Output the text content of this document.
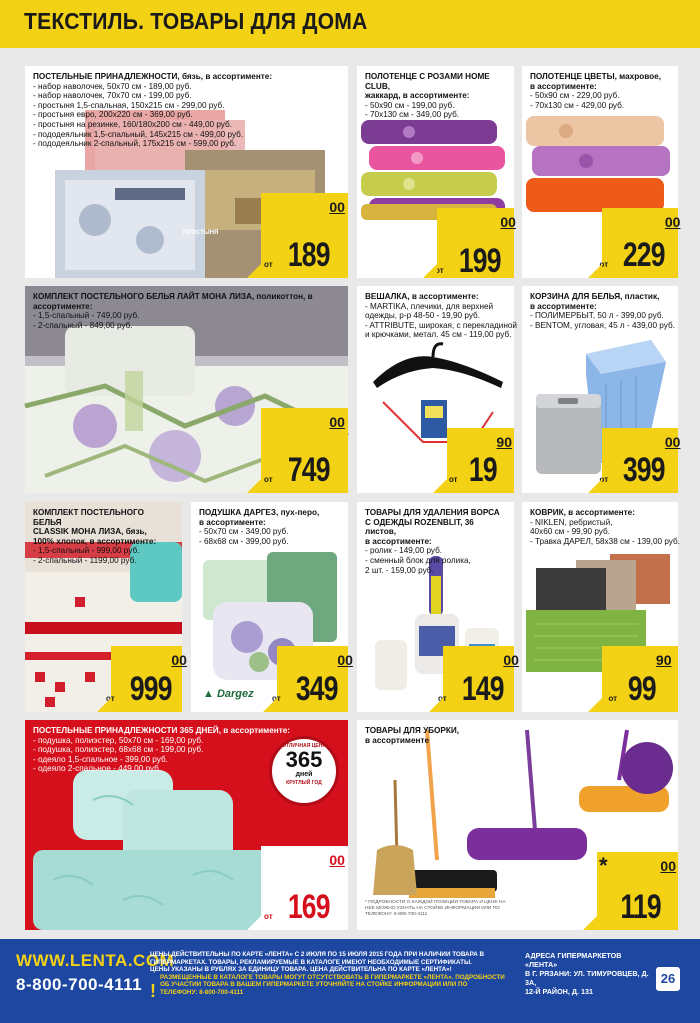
ТЕКСТИЛЬ. ТОВАРЫ ДЛЯ ДОМА
ПОСТЕЛЬНЫЕ ПРИНАДЛЕЖНОСТИ, бязь, в ассортименте:
- набор наволочек, 50х70 см - 189,00 руб.
- набор наволочек, 70х70 см - 199,00 руб.
- простыня 1,5-спальная, 150х215 см - 299,00 руб.
- простыня евро, 200х220 см - 369,00 руб.
- простыня на резинке, 160/180х200 см - 449,00 руб.
- пододеяльник 1,5-спальный, 145х215 см - 499,00 руб.
- пододеяльник 2-спальный, 175х215 см - 599,00 руб.
ПРОСТЫНЯ
от 189
00
ПОЛОТЕНЦЕ С РОЗАМИ HOME CLUB,
жаккард, в ассортименте:
- 50х90 см - 199,00 руб.
- 70х130 см - 349,00 руб.
от 199
00
ПОЛОТЕНЦЕ ЦВЕТЫ, махровое,
в ассортименте:
- 50х90 см - 229,00 руб.
- 70х130 см - 429,00 руб.
от 229
00
КОМПЛЕКТ ПОСТЕЛЬНОГО БЕЛЬЯ ЛАЙТ МОНА ЛИЗА, поликоттон, в ассортименте:
- 1,5-спальный - 749,00 руб.
- 2-спальный - 849,00 руб.
от 749
00
ВЕШАЛКА, в ассортименте:
- MARTIKA, плечики, для верхней
одежды, р-р 48-50 - 19,90 руб.
- ATTRIBUTE, широкая, с перекладиной
и крючками, метал. 45 см - 119,00 руб.
от 19
90
КОРЗИНА ДЛЯ БЕЛЬЯ, пластик,
в ассортименте:
- ПОЛИМЕРБЫТ, 50 л - 399,00 руб.
- BENTOM, угловая, 45 л - 439,00 руб.
от 399
00
КОМПЛЕКТ ПОСТЕЛЬНОГО БЕЛЬЯ
CLASSIK МОНА ЛИЗА, бязь,
100% хлопок, в ассортименте:
- 1,5-спальный - 999,00 руб.
- 2-спальный - 1199,00 руб.
от 999
00
ПОДУШКА ДАРГЕЗ, пух-перо,
в ассортименте:
- 50х70 см - 349,00 руб.
- 68х68 см - 399,00 руб.
▲ Dargez от 349
00
ТОВАРЫ ДЛЯ УДАЛЕНИЯ ВОРСА
С ОДЕЖДЫ ROZENBLIT, 36 листов,
в ассортименте:
- ролик - 149,00 руб.
- сменный блок для ролика,
2 шт. - 159,00 руб.
от 149
00
КОВРИК, в ассортименте:
- NIKLEN, ребристый,
40х60 см - 99,90 руб.
- Травка ДАРЕЛ, 58х38 см - 139,00 руб.
от 99
90
ПОСТЕЛЬНЫЕ ПРИНАДЛЕЖНОСТИ 365 ДНЕЙ, в ассортименте:
- подушка, полиэстер, 50х70 см - 169,00 руб.
- подушка, полиэстер, 68х68 см - 199,00 руб.
- одеяло 1,5-спальное - 399,00 руб.
- одеяло 2-спальное - 449,00 руб.
ОТЛИЧНАЯ ЦЕНА
365
дней
КРУГЛЫЙ ГОД
от 169
00
ТОВАРЫ ДЛЯ УБОРКИ,
в ассортименте
* ПОДРОБНОСТИ О КАЖДОЙ ПОЗИЦИИ ТОВАРА И ЦЕНЕ НА НЕЕ МОЖНО УЗНАТЬ НА СТОЙКЕ ИНФОРМАЦИИ ИЛИ ПО ТЕЛЕФОНУ: 8-800-700-4111
*
119
00
WWW.LENTA.COM
8-800-700-4111
ЦЕНЫ ДЕЙСТВИТЕЛЬНЫ ПО КАРТЕ «ЛЕНТА» С 2 ИЮЛЯ ПО 15 ИЮЛЯ 2015 ГОДА ПРИ НАЛИЧИИ ТОВАРА В ГИПЕРМАРКЕТАХ. ТОВАРЫ, РЕКЛАМИРУЕМЫЕ В КАТАЛОГЕ ИМЕЮТ НЕОБХОДИМЫЕ СЕРТИФИКАТЫ.
ЦЕНЫ УКАЗАНЫ В РУБЛЯХ ЗА ЕДИНИЦУ ТОВАРА. ЦЕНА ДЕЙСТВИТЕЛЬНА ПО КАРТЕ «ЛЕНТА»!
РАЗМЕЩЕННЫЕ В КАТАЛОГЕ ТОВАРЫ МОГУТ ОТСУТСТВОВАТЬ В ГИПЕРМАРКЕТЕ «ЛЕНТА». ПОДРОБНОСТИ ОБ УЧАСТИИ ТОВАРА В ВАШЕМ ГИПЕРМАРКЕТЕ УТОЧНЯЙТЕ НА СТОЙКЕ ИНФОРМАЦИИ ИЛИ ПО ТЕЛЕФОНУ: 8-800-700-4111
!
АДРЕСА ГИПЕРМАРКЕТОВ «ЛЕНТА»
В Г. РЯЗАНИ: УЛ. ТИМУРОВЦЕВ, Д. 3А,
12-Й РАЙОН, Д. 131
26
